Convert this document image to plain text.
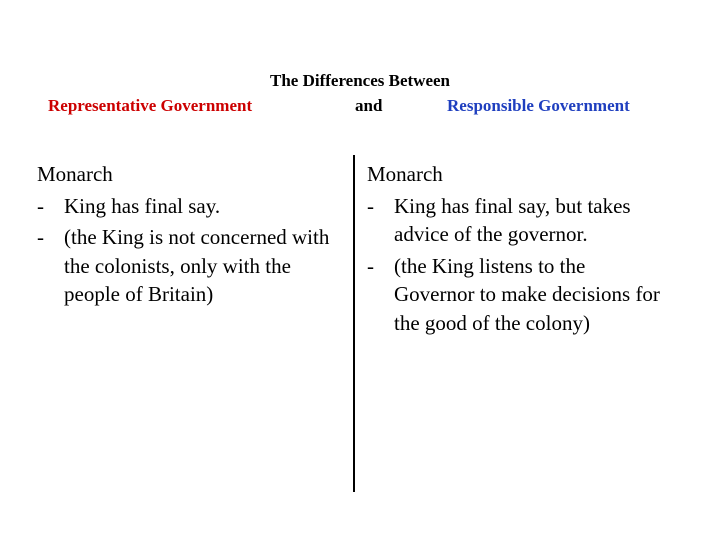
The Differences Between
Representative Government	and	Responsible Government
Monarch
- King has final say.
- (the King is not concerned with the colonists, only with the people of Britain)
Monarch
- King has final say, but takes advice of the governor.
- (the King listens to the Governor to make decisions for the good of the colony)
